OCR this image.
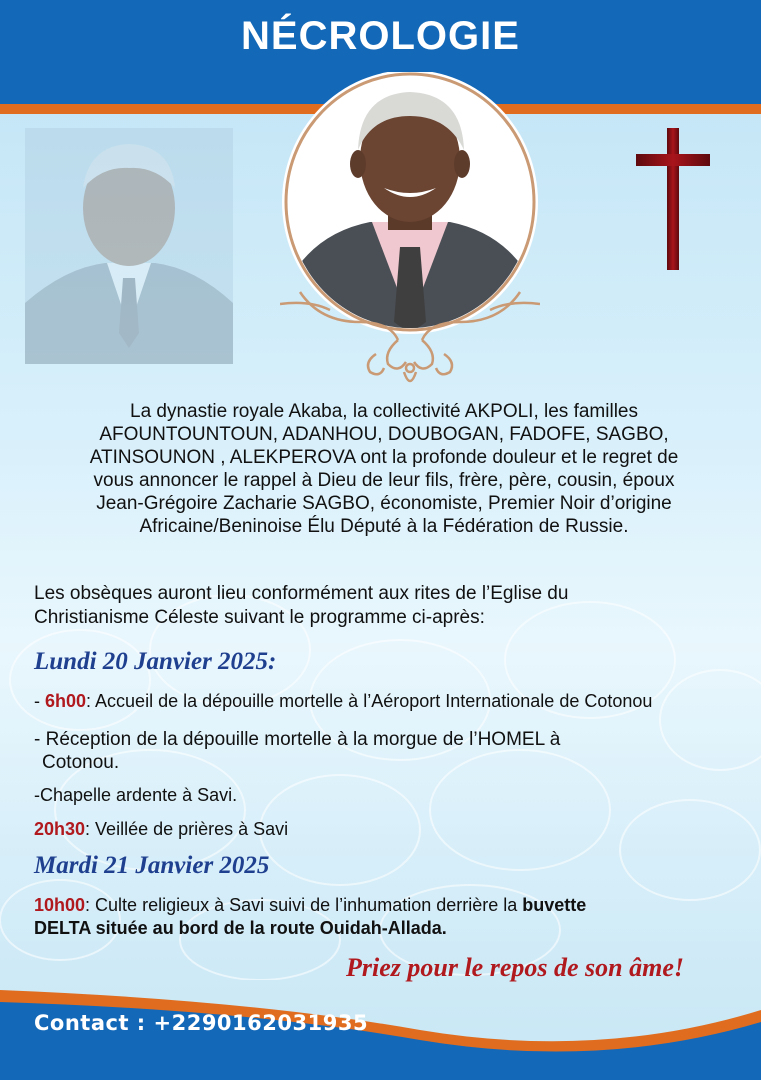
NÉCROLOGIE

La dynastie royale Akaba, la collectivité AKPOLI, les familles
AFOUNTOUNTOUN, ADANHOU, DOUBOGAN, FADOFE, SAGBO,
ATINSOUNON , ALEKPEROVA ont la profonde douleur et le regret de
vous annoncer le rappel à Dieu de leur fils, frère, père, cousin, époux
Jean-Grégoire Zacharie SAGBO, économiste, Premier Noir d’origine
Africaine/Beninoise Élu Député à la Fédération de Russie.

Les obsèques auront lieu conformément aux rites de l’Eglise du
Christianisme Céleste suivant le programme ci-après:

Lundi 20 Janvier 2025:
- 6h00: Accueil de la dépouille mortelle à l’Aéroport Internationale de Cotonou
- Réception de la dépouille mortelle à la morgue de l’HOMEL à
Cotonou.
-Chapelle ardente à Savi.
20h30: Veillée de prières à Savi
Mardi 21 Janvier 2025
10h00: Culte religieux à Savi suivi de l’inhumation derrière la buvette
DELTA située au bord de la route Ouidah-Allada.
Priez pour le repos de son âme!
Contact : +2290162031935
